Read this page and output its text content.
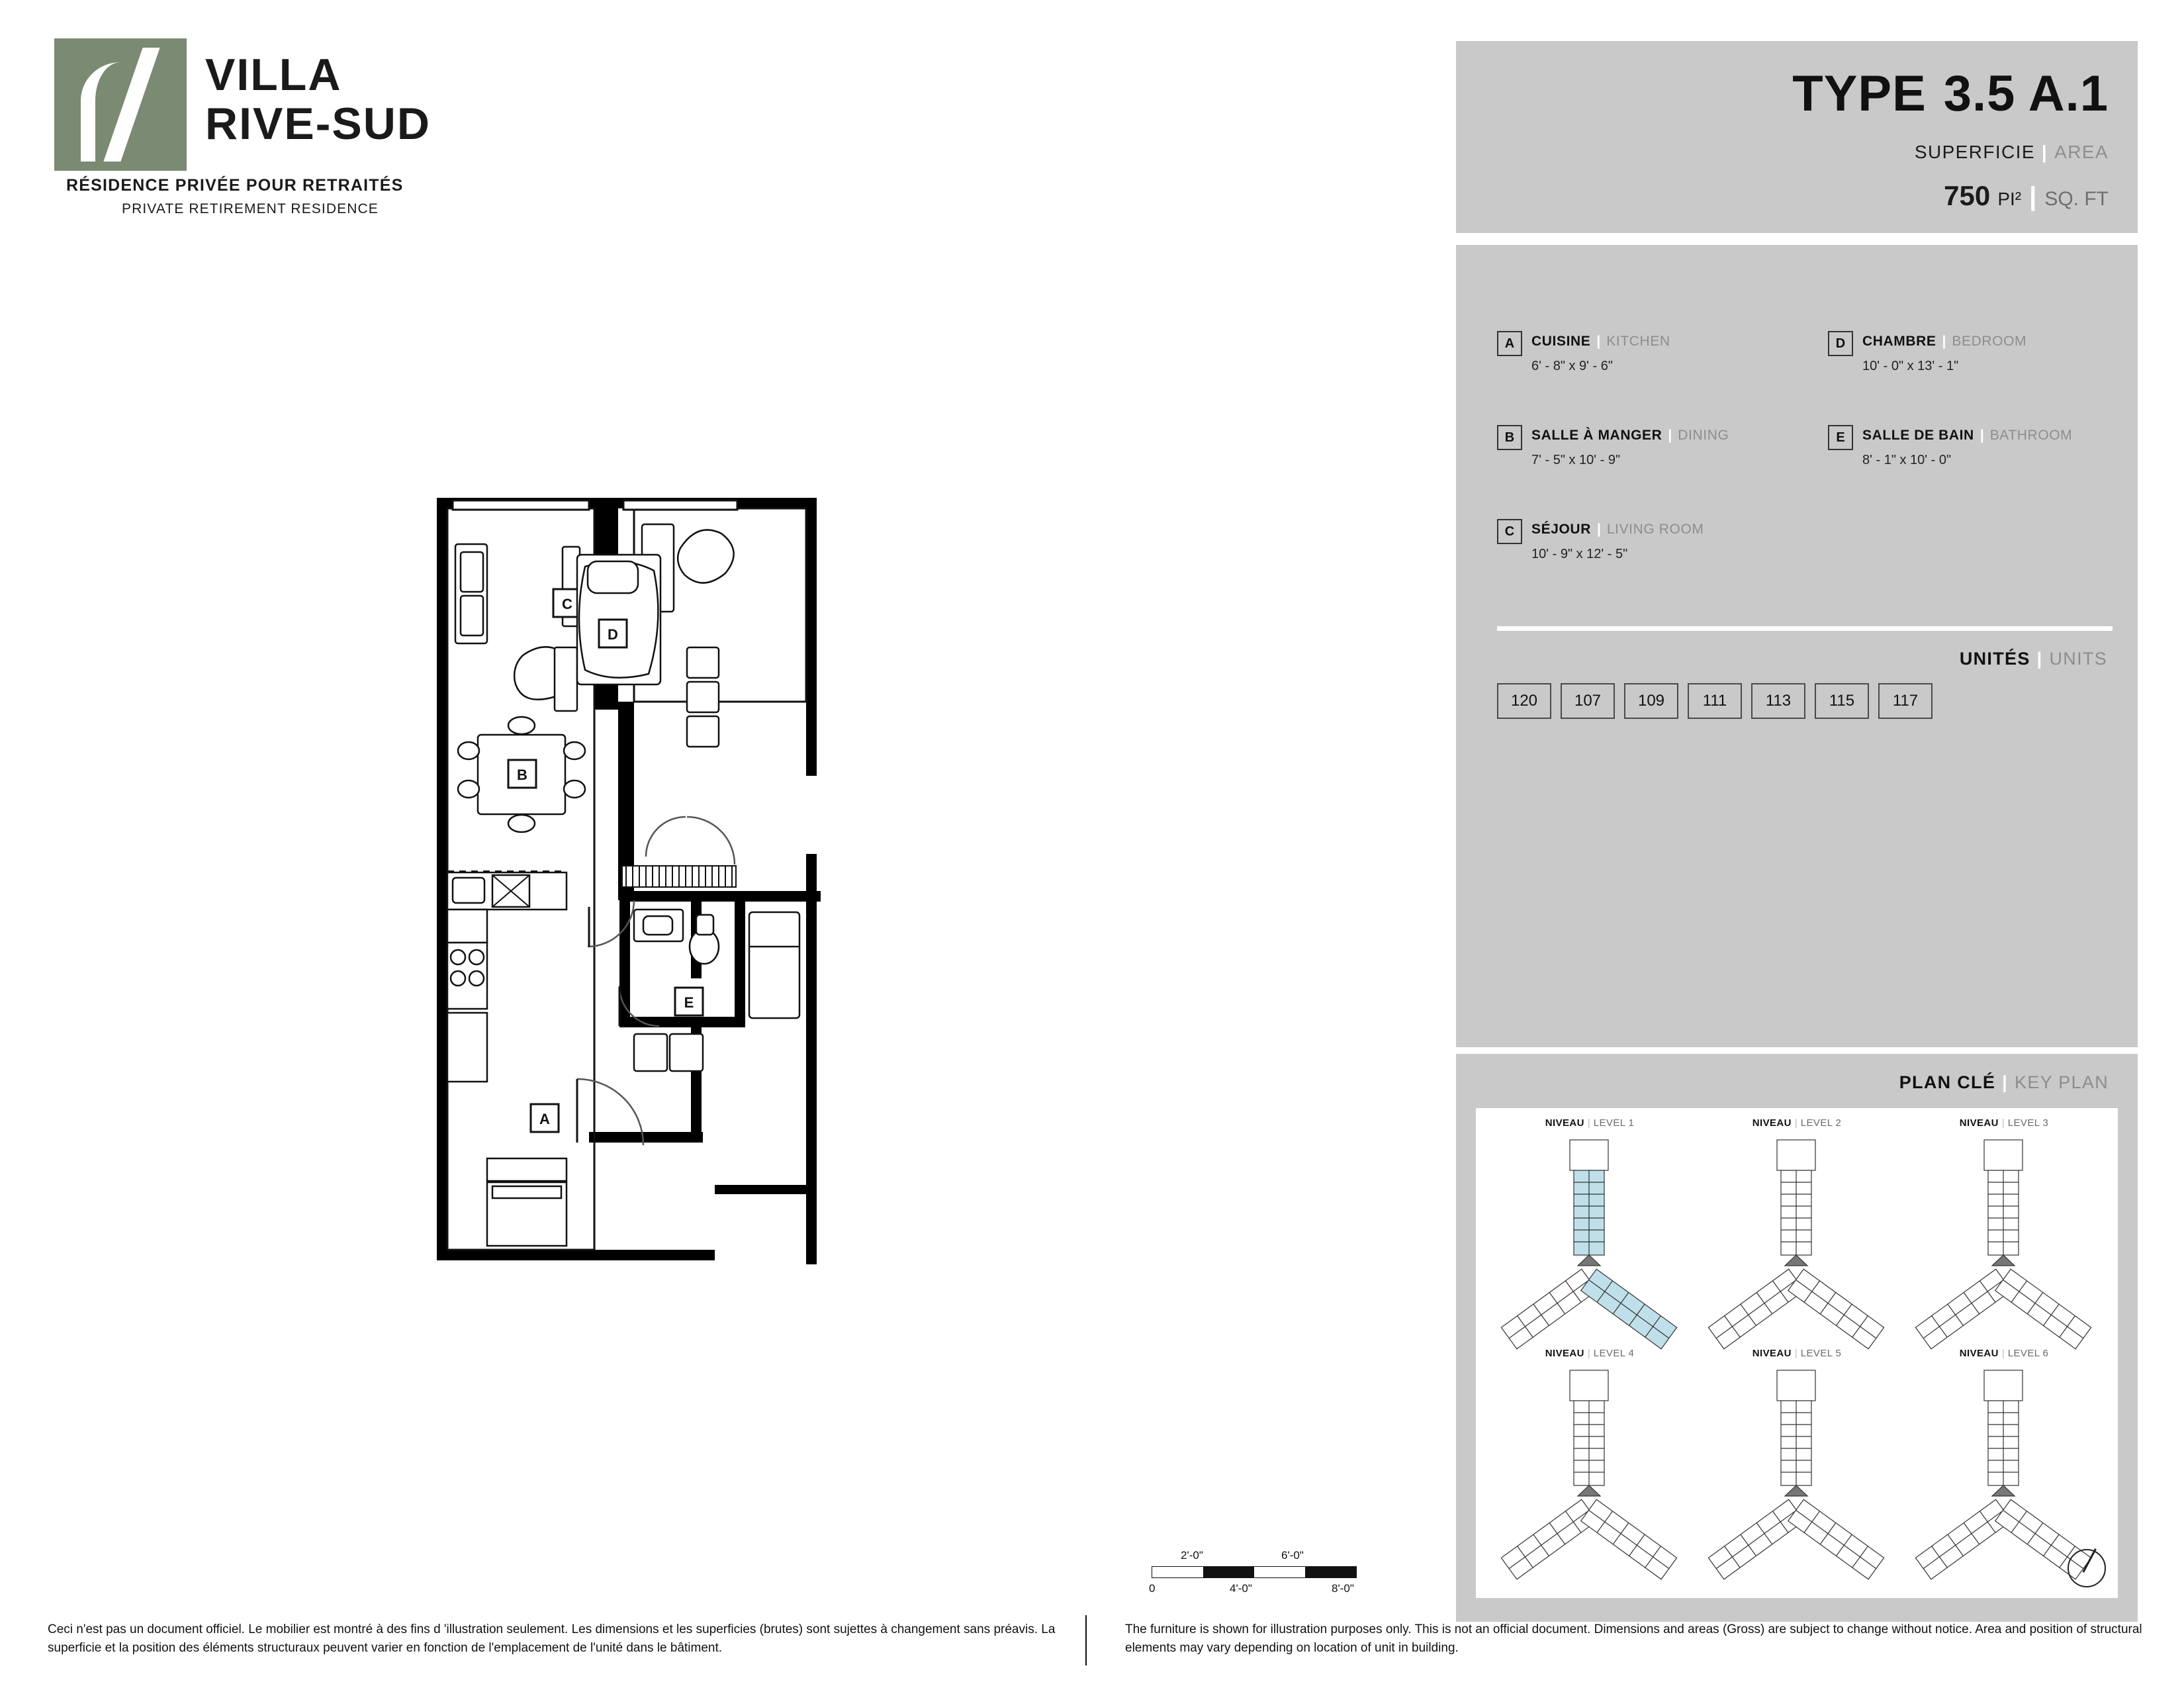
VILLA
RIVE-SUD
RÉSIDENCE PRIVÉE POUR RETRAITÉS
PRIVATE RETIREMENT RESIDENCE
TYPE 3.5 A.1
SUPERFICIE | AREA
750 PI² | SQ. FT
A	CUISINE | KITCHEN
6' - 8" x 9' - 6"
B	SALLE À MANGER | DINING
7' - 5" x 10' - 9"
C	SÉJOUR | LIVING ROOM
10' - 9" x 12' - 5"
D	CHAMBRE | BEDROOM
10' - 0" x 13' - 1"
E	SALLE DE BAIN | BATHROOM
8' - 1" x 10' - 0"
UNITÉS | UNITS
120	107	109	111	113	115	117
PLAN CLÉ | KEY PLAN
NIVEAU | LEVEL 1	NIVEAU | LEVEL 2	NIVEAU | LEVEL 3
NIVEAU | LEVEL 4	NIVEAU | LEVEL 5	NIVEAU | LEVEL 6
C
B
A
D
E
2'-0"	6'-0"
0	4'-0"	8'-0"
Ceci n'est pas un document officiel. Le mobilier est montré à des fins d 'illustration seulement. Les dimensions et les superficies (brutes) sont sujettes à changement sans préavis. La superficie et la position des éléments structuraux peuvent varier en fonction de l'emplacement de l'unité dans le bâtiment.
The furniture is shown for illustration purposes only. This is not an official document. Dimensions and areas (Gross) are subject to change without notice. Area and position of structural elements may vary depending on location of unit in building.
